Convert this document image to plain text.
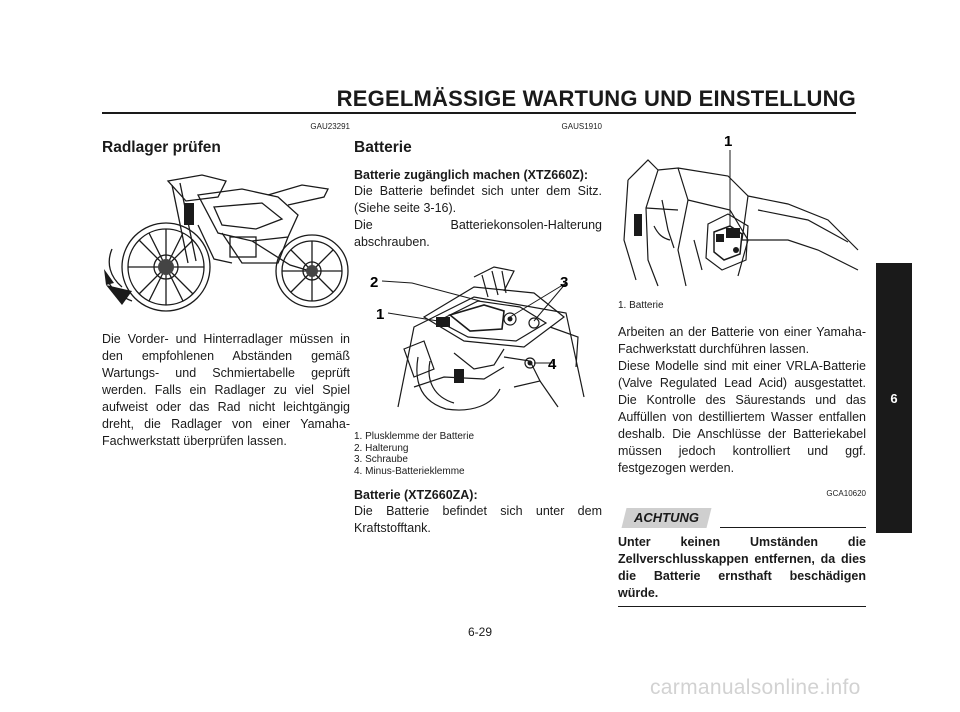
REGELMÄSSIGE WARTUNG UND EINSTELLUNG
6
GAU23291
Radlager prüfen
Die Vorder- und Hinterradlager müssen in den empfohlenen Abständen gemäß Wartungs- und Schmiertabelle geprüft werden. Falls ein Radlager zu viel Spiel aufweist oder das Rad nicht leichtgängig dreht, die Radlager von einer Yamaha-Fachwerkstatt überprüfen lassen.
GAUS1910
Batterie
Batterie zugänglich machen (XTZ660Z):
Die Batterie befindet sich unter dem Sitz. (Siehe seite 3-16).
Die Batteriekonsolen-Halterung abschrauben.
2
1
3
4
1. Plusklemme der Batterie
2. Halterung
3. Schraube
4. Minus-Batterieklemme
Batterie (XTZ660ZA):
Die Batterie befindet sich unter dem Kraftstofftank.
1
1. Batterie
Arbeiten an der Batterie von einer Yamaha-Fachwerkstatt durchführen lassen.
Diese Modelle sind mit einer VRLA-Batterie (Valve Regulated Lead Acid) ausgestattet. Die Kontrolle des Säurestands und das Auffüllen von destilliertem Wasser entfallen deshalb. Die Anschlüsse der Batteriekabel müssen jedoch kontrolliert und ggf. festgezogen werden.
GCA10620
ACHTUNG
Unter keinen Umständen die Zellverschlusskappen entfernen, da dies die Batterie ernsthaft beschädigen würde.
6-29
carmanualsonline.info
